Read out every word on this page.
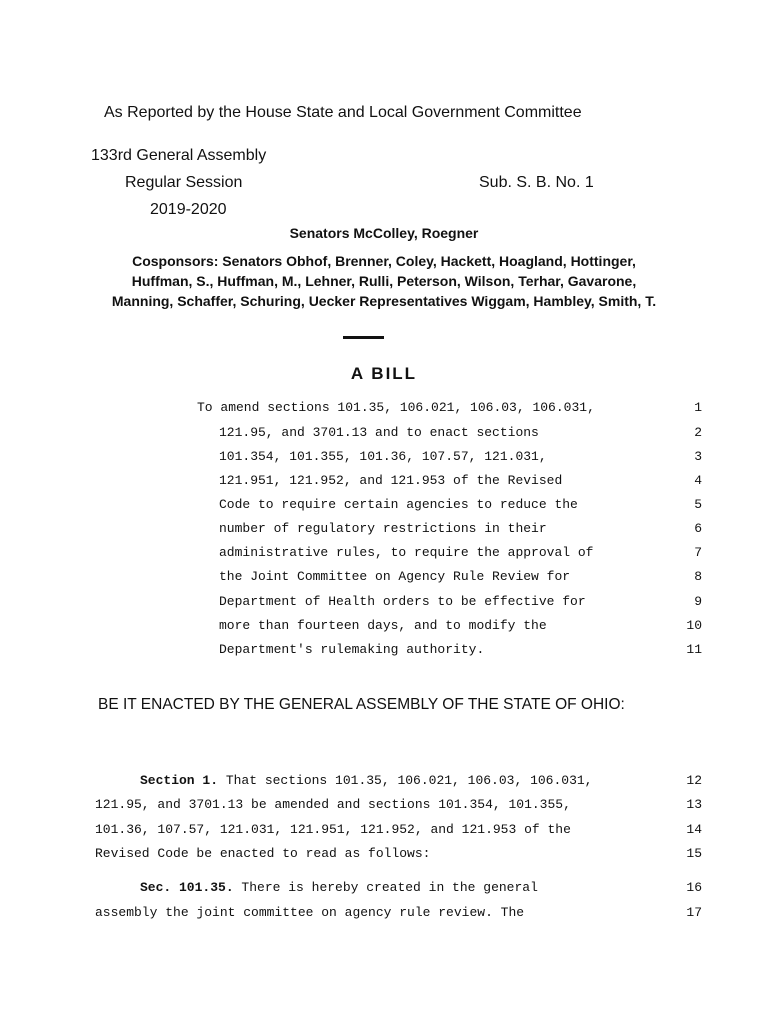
As Reported by the House State and Local Government Committee
133rd General Assembly
Regular Session	Sub. S. B. No. 1
2019-2020
Senators McColley, Roegner
Cosponsors: Senators Obhof, Brenner, Coley, Hackett, Hoagland, Hottinger,
Huffman, S., Huffman, M., Lehner, Rulli, Peterson, Wilson, Terhar, Gavarone,
Manning, Schaffer, Schuring, Uecker Representatives Wiggam, Hambley, Smith, T.
A BILL
To amend sections 101.35, 106.021, 106.03, 106.031,	1
121.95, and 3701.13 and to enact sections	2
101.354, 101.355, 101.36, 107.57, 121.031,	3
121.951, 121.952, and 121.953 of the Revised	4
Code to require certain agencies to reduce the	5
number of regulatory restrictions in their	6
administrative rules, to require the approval of	7
the Joint Committee on Agency Rule Review for	8
Department of Health orders to be effective for	9
more than fourteen days, and to modify the	10
Department's rulemaking authority.	11
BE IT ENACTED BY THE GENERAL ASSEMBLY OF THE STATE OF OHIO:
Section 1. That sections 101.35, 106.021, 106.03, 106.031,	12
121.95, and 3701.13 be amended and sections 101.354, 101.355,	13
101.36, 107.57, 121.031, 121.951, 121.952, and 121.953 of the	14
Revised Code be enacted to read as follows:	15
Sec. 101.35. There is hereby created in the general	16
assembly the joint committee on agency rule review. The	17
